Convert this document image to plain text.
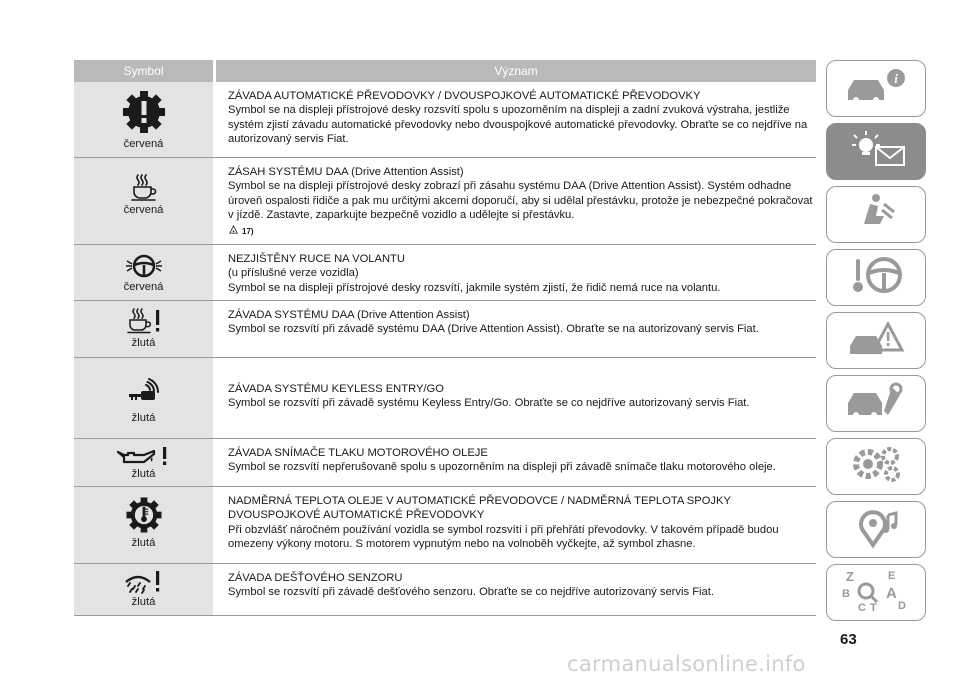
Symbol	Význam
červená
ZÁVADA AUTOMATICKÉ PŘEVODOVKY / DVOUSPOJKOVÉ AUTOMATICKÉ PŘEVODOVKY
Symbol se na displeji přístrojové desky rozsvítí spolu s upozorněním na displeji a zadní zvuková výstraha, jestliže systém zjistí závadu automatické převodovky nebo dvouspojkové automatické převodovky. Obraťte se co nejdříve na autorizovaný servis Fiat.
červená
ZÁSAH SYSTÉMU DAA (Drive Attention Assist)
Symbol se na displeji přístrojové desky zobrazí při zásahu systému DAA (Drive Attention Assist). Systém odhadne úroveň ospalosti řidiče a pak mu určitými akcemi doporučí, aby si udělal přestávku, protože je nebezpečné pokračovat v jízdě. Zastavte, zaparkujte bezpečně vozidlo a udělejte si přestávku.
17)
červená
NEZJIŠTĚNY RUCE NA VOLANTU
(u příslušné verze vozidla)
Symbol se na displeji přístrojové desky rozsvítí, jakmile systém zjistí, že řidič nemá ruce na volantu.
žlutá
ZÁVADA SYSTÉMU DAA (Drive Attention Assist)
Symbol se rozsvítí při závadě systému DAA (Drive Attention Assist). Obraťte se na autorizovaný servis Fiat.
žlutá
ZÁVADA SYSTÉMU KEYLESS ENTRY/GO
Symbol se rozsvítí při závadě systému Keyless Entry/Go. Obraťte se co nejdříve autorizovaný servis Fiat.
žlutá
ZÁVADA SNÍMAČE TLAKU MOTOROVÉHO OLEJE
Symbol se rozsvítí nepřerušovaně spolu s upozorněním na displeji při závadě snímače tlaku motorového oleje.
žlutá
NADMĚRNÁ TEPLOTA OLEJE V AUTOMATICKÉ PŘEVODOVCE / NADMĚRNÁ TEPLOTA SPOJKY DVOUSPOJKOVÉ AUTOMATICKÉ PŘEVODOVKY
Při obzvlášť náročném používání vozidla se symbol rozsvítí i při přehřátí převodovky. V takovém případě budou omezeny výkony motoru. S motorem vypnutým nebo na volnoběh vyčkejte, až symbol zhasne.
žlutá
ZÁVADA DEŠŤOVÉHO SENZORU
Symbol se rozsvítí při závadě dešťového senzoru. Obraťte se co nejdříve autorizovaný servis Fiat.
i
Z	E
B A
C T D
63
carmanualsonline.info
